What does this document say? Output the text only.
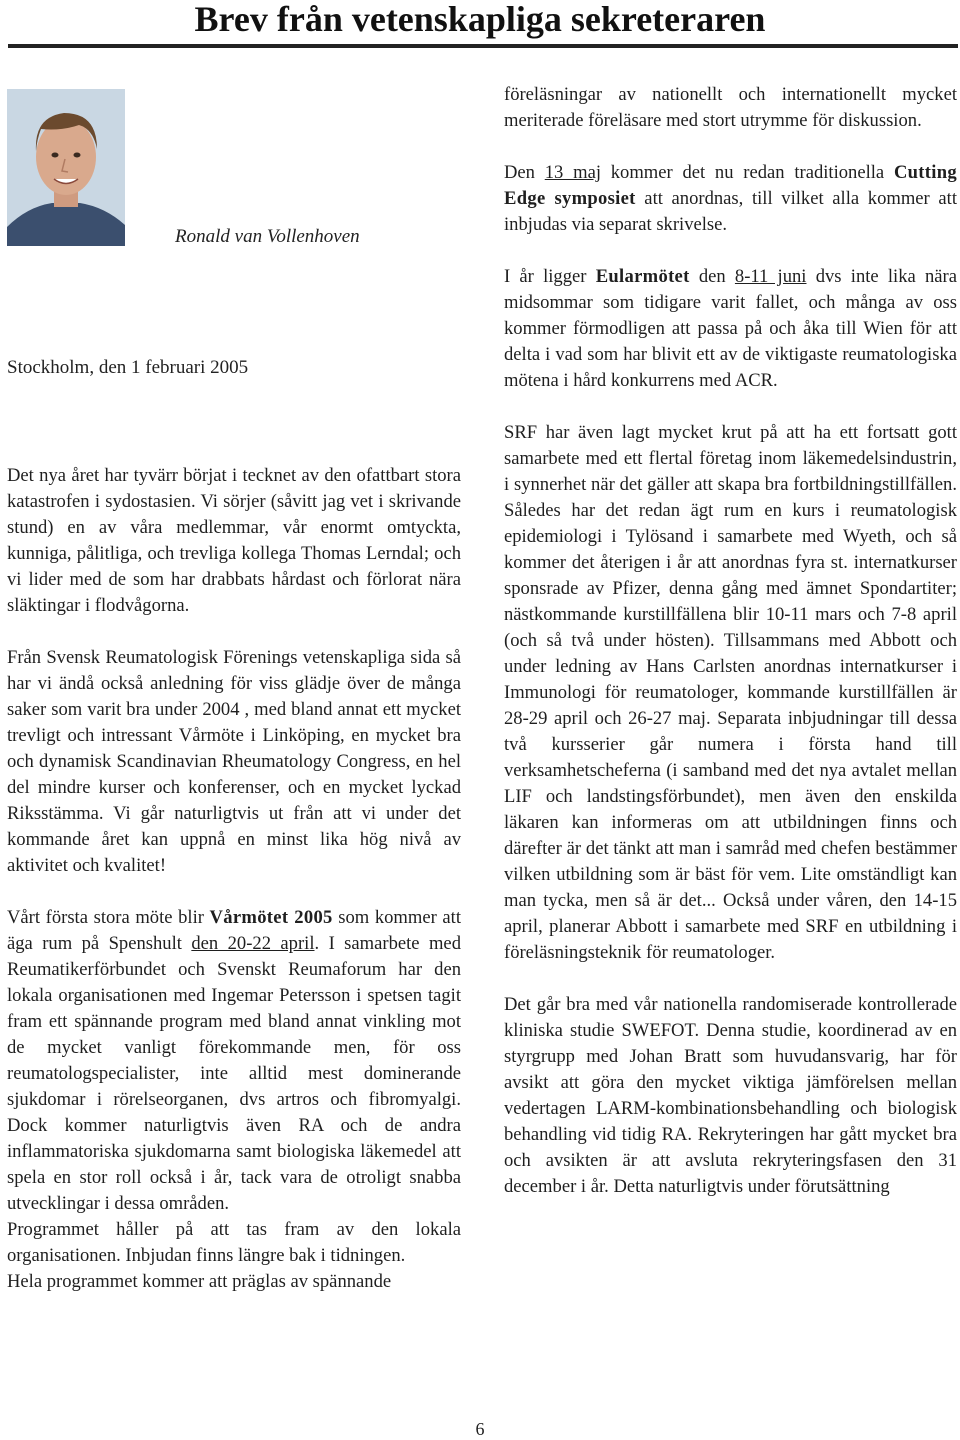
Brev från vetenskapliga sekreteraren

Ronald van Vollenhoven

Stockholm, den 1 februari 2005

Det nya året har tyvärr börjat i tecknet av den ofattbart stora katastrofen i sydostasien. Vi sörjer (såvitt jag vet i skrivande stund) en av våra medlemmar, vår enormt omtyckta, kunniga, pålitliga, och trevliga kollega Thomas Lerndal; och vi lider med de som har drabbats hårdast och förlorat nära släktingar i flodvågorna.

Från Svensk Reumatologisk Förenings vetenskapliga sida så har vi ändå också anledning för viss glädje över de många saker som varit bra under 2004 , med bland annat ett mycket trevligt och intressant Vårmöte i Linköping, en mycket bra och dynamisk Scandinavian Rheumatology Congress, en hel del mindre kurser och konferenser, och en mycket lyckad Riksstämma. Vi går naturligtvis ut från att vi under det kommande året kan uppnå en minst lika hög nivå av aktivitet och kvalitet!

Vårt första stora möte blir Vårmötet 2005 som kommer att äga rum på Spenshult den 20-22 april. I samarbete med Reumatikerförbundet och Svenskt Reumaforum har den lokala organisationen med Ingemar Petersson i spetsen tagit fram ett spännande program med bland annat vinkling mot de mycket vanligt förekommande men, för oss reumatologspecialister, inte alltid mest dominerande sjukdomar i rörelseorganen, dvs artros och fibromyalgi. Dock kommer naturligtvis även RA och de andra inflammatoriska sjukdomarna samt biologiska läkemedel att spela en stor roll också i år, tack vara de otroligt snabba utvecklingar i dessa områden.
Programmet håller på att tas fram av den lokala organisationen. Inbjudan finns längre bak i tidningen.
Hela programmet kommer att präglas av spännande

föreläsningar av nationellt och internationellt mycket meriterade föreläsare med stort utrymme för diskussion.

Den 13 maj kommer det nu redan traditionella Cutting Edge symposiet att anordnas, till vilket alla kommer att inbjudas via separat skrivelse.

I år ligger Eularmötet den 8-11 juni dvs inte lika nära midsommar som tidigare varit fallet, och många av oss kommer förmodligen att passa på och åka till Wien för att delta i vad som har blivit ett av de viktigaste reumatologiska mötena i hård konkurrens med ACR.

SRF har även lagt mycket krut på att ha ett fortsatt gott samarbete med ett flertal företag inom läkemedelsindustrin, i synnerhet när det gäller att skapa bra fortbildningstillfällen. Således har det redan ägt rum en kurs i reumatologisk epidemiologi i Tylösand i samarbete med Wyeth, och så kommer det återigen i år att anordnas fyra st. internatkurser sponsrade av Pfizer, denna gång med ämnet Spondartiter; nästkommande kurstillfällena blir 10-11 mars och 7-8 april (och så två under hösten). Tillsammans med Abbott och under ledning av Hans Carlsten anordnas internatkurser i Immunologi för reumatologer, kommande kurstillfällen är 28-29 april och 26-27 maj. Separata inbjudningar till dessa två kursserier går numera i första hand till verksamhetscheferna (i samband med det nya avtalet mellan LIF och landstingsförbundet), men även den enskilda läkaren kan informeras om att utbildningen finns och därefter är det tänkt att man i samråd med chefen bestämmer vilken utbildning som är bäst för vem. Lite omständligt kan man tycka, men så är det... Också under våren, den 14-15 april, planerar Abbott i samarbete med SRF en utbildning i föreläsningsteknik för reumatologer.

Det går bra med vår nationella randomiserade kontrollerade kliniska studie SWEFOT. Denna studie, koordinerad av en styrgrupp med Johan Bratt som huvudansvarig, har för avsikt att göra den mycket viktiga jämförelsen mellan vedertagen LARM-kombinationsbehandling och biologisk behandling vid tidig RA. Rekryteringen har gått mycket bra och avsikten är att avsluta rekryteringsfasen den 31 december i år. Detta naturligtvis under förutsättning

6
